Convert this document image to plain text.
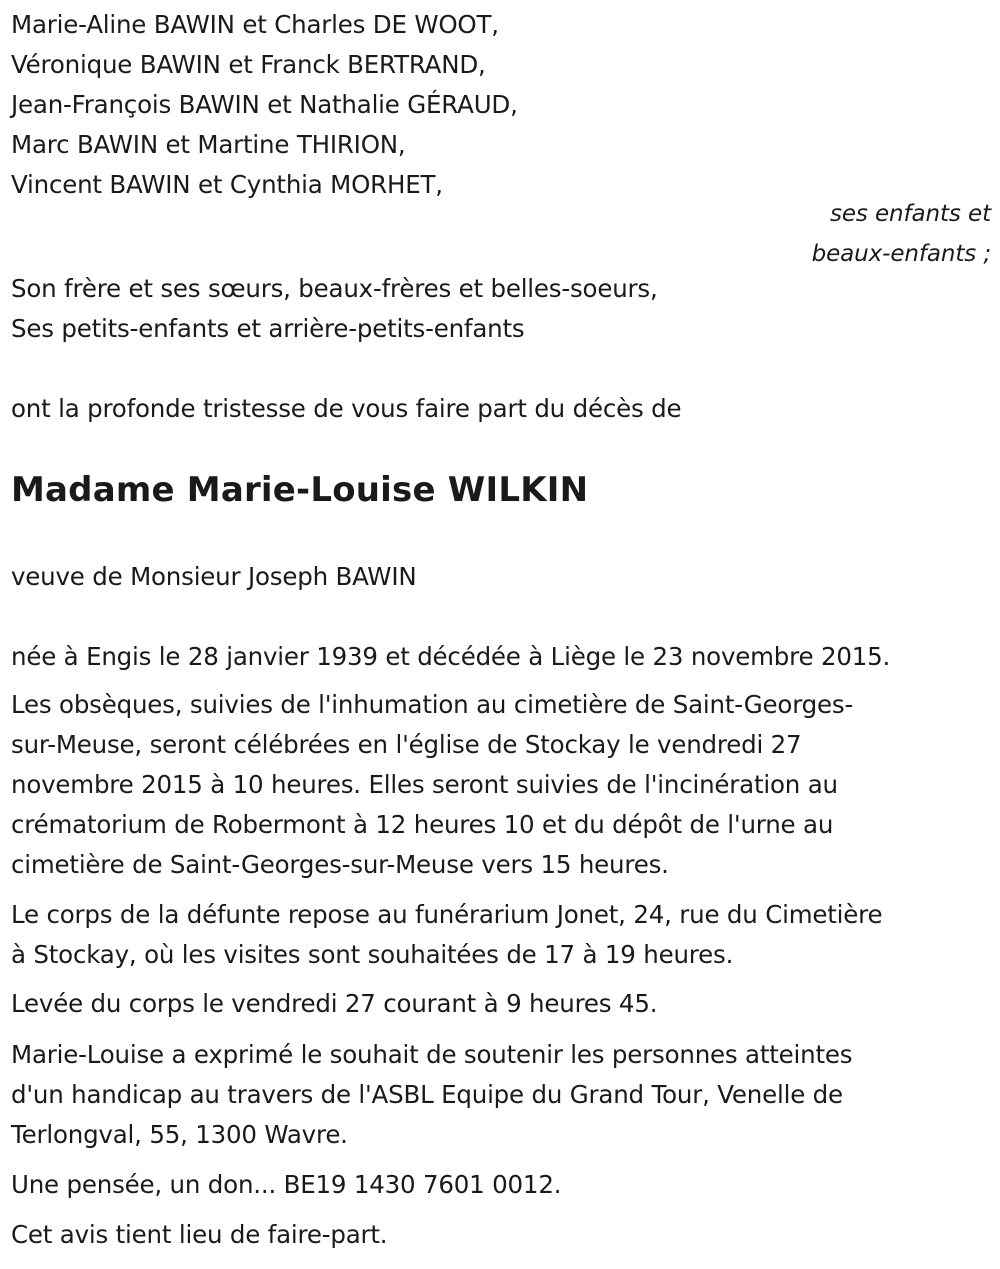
Marie-Aline BAWIN et Charles DE WOOT,
Véronique BAWIN et Franck BERTRAND,
Jean-François BAWIN et Nathalie GÉRAUD,
Marc BAWIN et Martine THIRION,
Vincent BAWIN et Cynthia MORHET,
ses enfants et
beaux-enfants ;
Son frère et ses sœurs, beaux-frères et belles-soeurs,
Ses petits-enfants et arrière-petits-enfants
ont la profonde tristesse de vous faire part du décès de
Madame Marie-Louise WILKIN
veuve de Monsieur Joseph BAWIN
née à Engis le 28 janvier 1939 et décédée à Liège le 23 novembre 2015.
Les obsèques, suivies de l'inhumation au cimetière de Saint-Georges-
sur-Meuse, seront célébrées en l'église de Stockay le vendredi 27
novembre 2015 à 10 heures. Elles seront suivies de l'incinération au
crématorium de Robermont à 12 heures 10 et du dépôt de l'urne au
cimetière de Saint-Georges-sur-Meuse vers 15 heures.
Le corps de la défunte repose au funérarium Jonet, 24, rue du Cimetière
à Stockay, où les visites sont souhaitées de 17 à 19 heures.
Levée du corps le vendredi 27 courant à 9 heures 45.
Marie-Louise a exprimé le souhait de soutenir les personnes atteintes
d'un handicap au travers de l'ASBL Equipe du Grand Tour, Venelle de
Terlongval, 55, 1300 Wavre.
Une pensée, un don... BE19 1430 7601 0012.
Cet avis tient lieu de faire-part.
